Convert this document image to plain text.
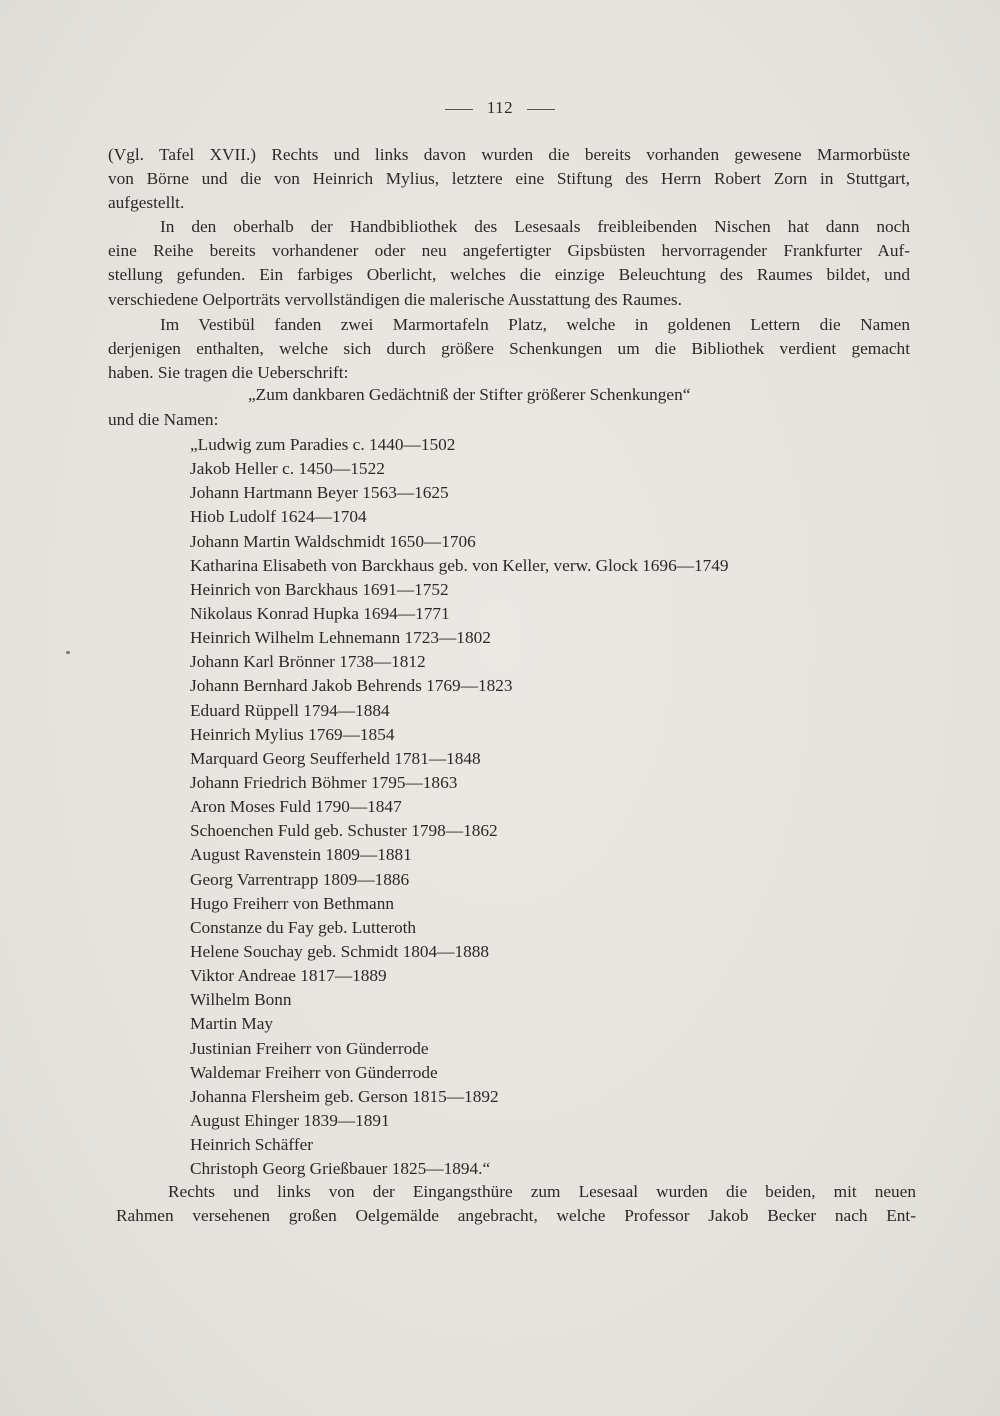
112
(Vgl. Tafel XVII.) Rechts und links davon wurden die bereits vorhanden gewesene Marmorbüste
von Börne und die von Heinrich Mylius, letztere eine Stiftung des Herrn Robert Zorn in Stuttgart,
aufgestellt.
In den oberhalb der Handbibliothek des Lesesaals freibleibenden Nischen hat dann noch
eine Reihe bereits vorhandener oder neu angefertigter Gipsbüsten hervorragender Frankfurter Auf-
stellung gefunden. Ein farbiges Oberlicht, welches die einzige Beleuchtung des Raumes bildet, und
verschiedene Oelporträts vervollständigen die malerische Ausstattung des Raumes.
Im Vestibül fanden zwei Marmortafeln Platz, welche in goldenen Lettern die Namen
derjenigen enthalten, welche sich durch größere Schenkungen um die Bibliothek verdient gemacht
haben. Sie tragen die Ueberschrift:
„Zum dankbaren Gedächtniß der Stifter größerer Schenkungen“
und die Namen:
„Ludwig zum Paradies c. 1440—1502
Jakob Heller c. 1450—1522
Johann Hartmann Beyer 1563—1625
Hiob Ludolf 1624—1704
Johann Martin Waldschmidt 1650—1706
Katharina Elisabeth von Barckhaus geb. von Keller, verw. Glock 1696—1749
Heinrich von Barckhaus 1691—1752
Nikolaus Konrad Hupka 1694—1771
Heinrich Wilhelm Lehnemann 1723—1802
Johann Karl Brönner 1738—1812
Johann Bernhard Jakob Behrends 1769—1823
Eduard Rüppell 1794—1884
Heinrich Mylius 1769—1854
Marquard Georg Seufferheld 1781—1848
Johann Friedrich Böhmer 1795—1863
Aron Moses Fuld 1790—1847
Schoenchen Fuld geb. Schuster 1798—1862
August Ravenstein 1809—1881
Georg Varrentrapp 1809—1886
Hugo Freiherr von Bethmann
Constanze du Fay geb. Lutteroth
Helene Souchay geb. Schmidt 1804—1888
Viktor Andreae 1817—1889
Wilhelm Bonn
Martin May
Justinian Freiherr von Günderrode
Waldemar Freiherr von Günderrode
Johanna Flersheim geb. Gerson 1815—1892
August Ehinger 1839—1891
Heinrich Schäffer
Christoph Georg Grießbauer 1825—1894.“
Rechts und links von der Eingangsthüre zum Lesesaal wurden die beiden, mit neuen
Rahmen versehenen großen Oelgemälde angebracht, welche Professor Jakob Becker nach Ent-
